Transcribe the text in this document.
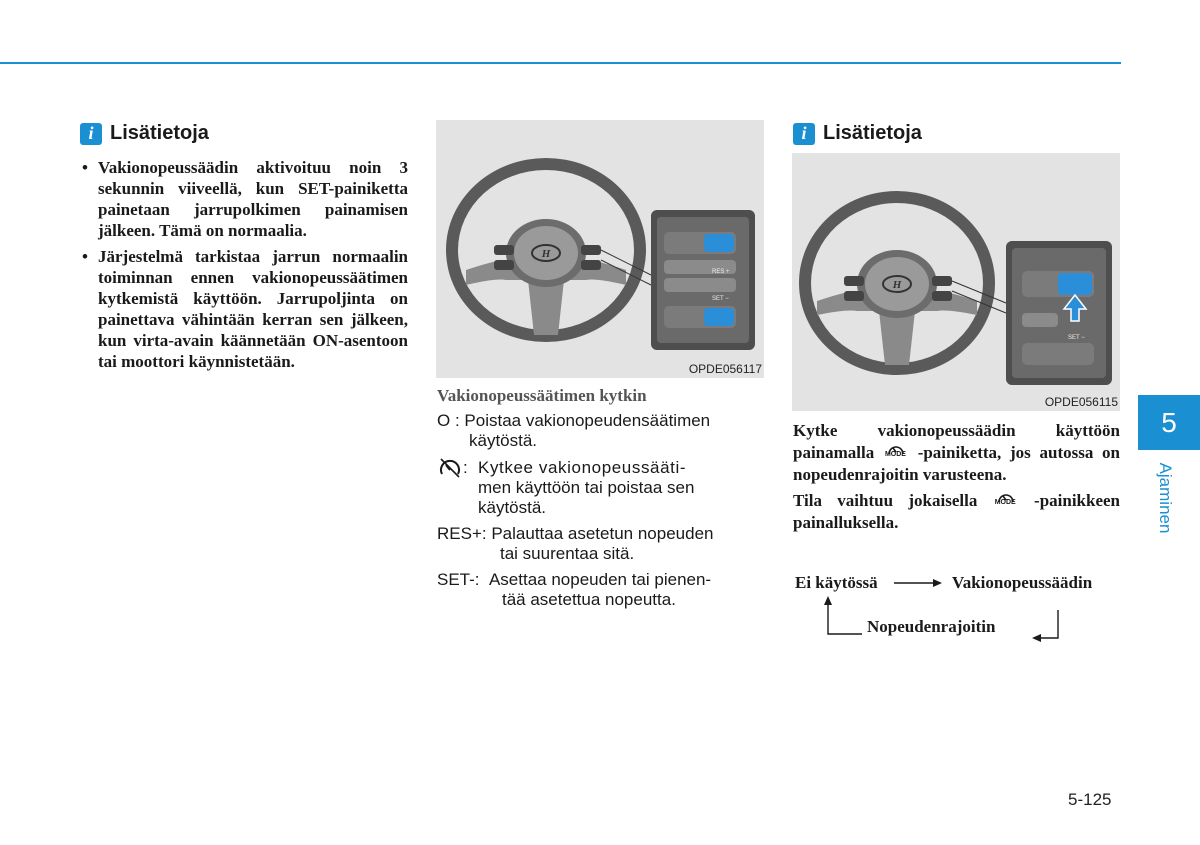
i Lisätietoja
• Vakionopeussäädin aktivoituu noin 3 sekunnin viiveellä, kun SET-painiketta painetaan jarrupolkimen painamisen jälkeen. Tämä on normaalia.
• Järjestelmä tarkistaa jarrun normaalin toiminnan ennen vakionopeussäätimen kytkemistä käyttöön. Jarrupoljinta on painettava vähintään kerran sen jälkeen, kun virta-avain käännetään ON-asentoon tai moottori käynnistetään.
H
RES +
SET −
OPDE056117
Vakionopeussäätimen kytkin
O : Poistaa vakionopeudensäätimen
käytöstä.
: Kytkee vakionopeussääti-
men käyttöön tai poistaa sen
käytöstä.
RES+: Palauttaa asetetun nopeuden
tai suurentaa sitä.
SET-: Asettaa nopeuden tai pienen-
tää asetettua nopeutta.
i Lisätietoja
H
SET −
OPDE056115
Kytke vakionopeussäädin käyttöön painamalla MODE -painiketta, jos autossa on nopeudenrajoitin varusteena.
Tila vaihtuu jokaisella MODE -painikkeen painalluksella.
Ei käytössä	Vakionopeussäädin
Nopeudenrajoitin
5
Ajaminen
5-125
